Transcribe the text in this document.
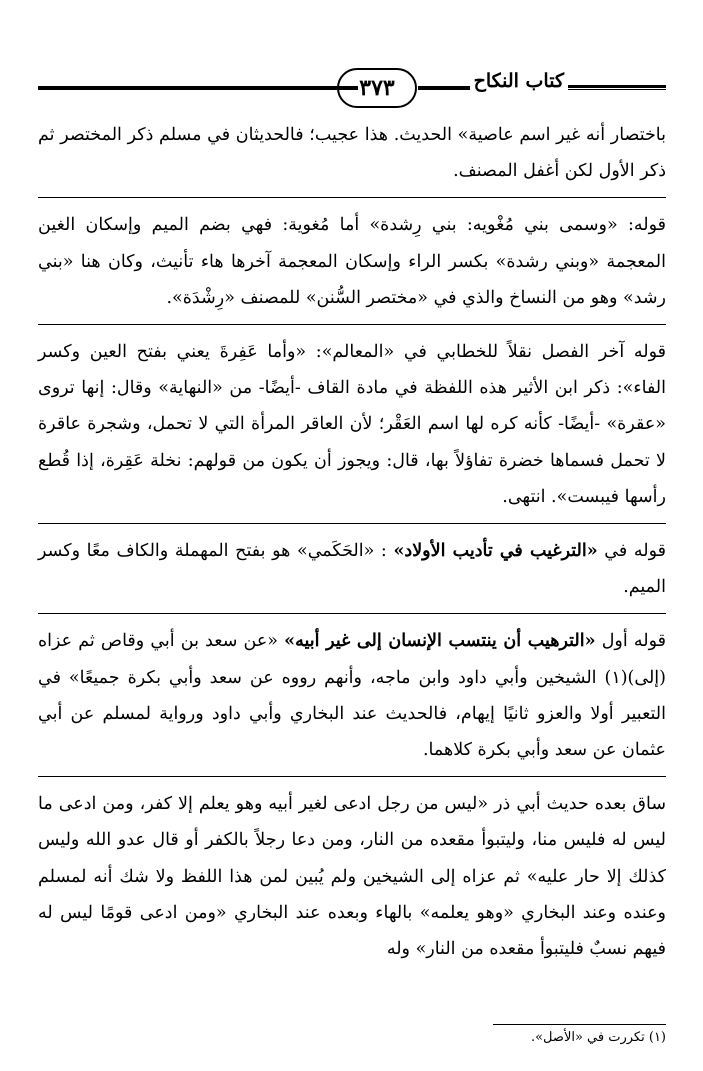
كتاب النكاح
٣٧٣

باختصار أنه غير اسم عاصية» الحديث. هذا عجيب؛ فالحديثان في مسلم ذكر المختصر ثم ذكر الأول لكن أغفل المصنف.

قوله: «وسمى بني مُغْويه: بني رِشدة» أما مُغوية: فهي بضم الميم وإسكان الغين المعجمة «وبني رشدة» بكسر الراء وإسكان المعجمة آخرها هاء تأنيث، وكان هنا «بني رشد» وهو من النساخ والذي في «مختصر السُّنن» للمصنف «رِشْدَة».

قوله آخر الفصل نقلاً للخطابي في «المعالم»: «وأما عَفِرةَ يعني بفتح العين وكسر الفاء»: ذكر ابن الأثير هذه اللفظة في مادة القاف -أيضًا- من «النهاية» وقال: إنها تروى «عقرة» -أيضًا- كأنه كره لها اسم العَقْر؛ لأن العاقر المرأة التي لا تحمل، وشجرة عاقرة لا تحمل فسماها خضرة تفاؤلاً بها، قال: ويجوز أن يكون من قولهم: نخلة عَقِرة، إذا قُطع رأسها فيبست». انتهى.

قوله في «الترغيب في تأديب الأولاد» : «الحَكَمي» هو بفتح المهملة والكاف معًا وكسر الميم.

قوله أول «الترهيب أن ينتسب الإنسان إلى غير أبيه» «عن سعد بن أبي وقاص ثم عزاه (إلى)(١) الشيخين وأبي داود وابن ماجه، وأنهم رووه عن سعد وأبي بكرة جميعًا» في التعبير أولا والعزو ثانيًا إيهام، فالحديث عند البخاري وأبي داود ورواية لمسلم عن أبي عثمان عن سعد وأبي بكرة كلاهما.

ساق بعده حديث أبي ذر «ليس من رجل ادعى لغير أبيه وهو يعلم إلا كفر، ومن ادعى ما ليس له فليس منا، وليتبوأ مقعده من النار، ومن دعا رجلاً بالكفر أو قال عدو الله وليس كذلك إلا حار عليه» ثم عزاه إلى الشيخين ولم يُبين لمن هذا اللفظ ولا شك أنه لمسلم وعنده وعند البخاري «وهو يعلمه» بالهاء وبعده عند البخاري «ومن ادعى قومًا ليس له فيهم نسبٌ فليتبوأ مقعده من النار» وله

(١) تكررت في «الأصل».
